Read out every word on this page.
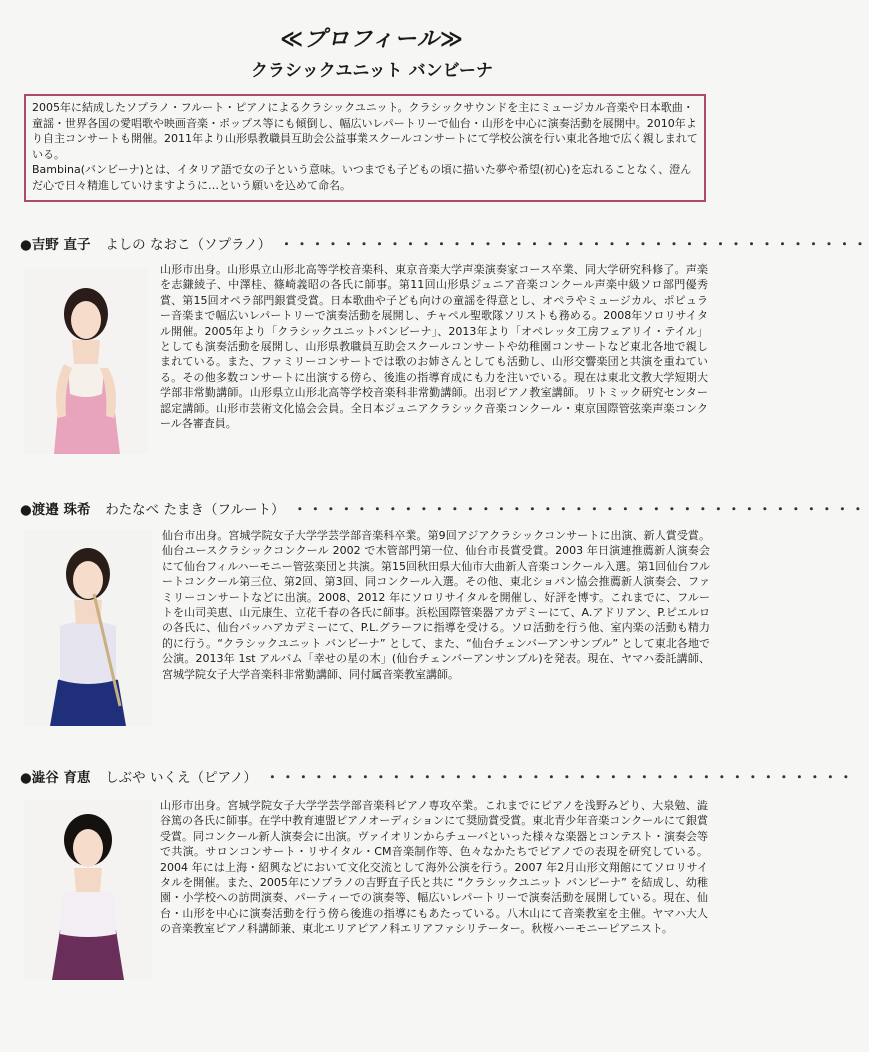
≪プロフィール≫
クラシックユニット バンビーナ

2005年に結成したソプラノ・フルート・ピアノによるクラシックユニット。クラシックサウンドを主にミュージカル音楽や日本歌曲・童謡・世界各国の愛唱歌や映画音楽・ポップス等にも傾倒し、幅広いレパートリーで仙台・山形を中心に演奏活動を展開中。2010年より自主コンサートも開催。2011年より山形県教職員互助会公益事業スクールコンサートにて学校公演を行い東北各地で広く親しまれている。

Bambina(バンビーナ)とは、イタリア語で女の子という意味。いつまでも子どもの頃に描いた夢や希望(初心)を忘れることなく、澄んだ心で日々精進していけますように…という願いを込めて命名。

●吉野 直子 よしの なおこ（ソプラノ） ・・・・・・・・・・・・・・・・・・・・・・・・・・・・・・・・・・・・・・
山形市出身。山形県立山形北高等学校音楽科、東京音楽大学声楽演奏家コース卒業、同大学研究科修了。声楽を志鎌綾子、中澤桂、篠崎義昭の各氏に師事。第11回山形県ジュニア音楽コンクール声楽中級ソロ部門優秀賞、第15回オペラ部門銀賞受賞。日本歌曲や子ども向けの童謡を得意とし、オペラやミュージカル、ポピュラー音楽まで幅広いレパートリーで演奏活動を展開し、チャペル聖歌隊ソリストも務める。2008年ソロリサイタル開催。2005年より「クラシックユニットバンビーナ」、2013年より「オペレッタ工房フェアリイ・テイル」としても演奏活動を展開し、山形県教職員互助会スクールコンサートや幼稚園コンサートなど東北各地で親しまれている。また、ファミリーコンサートでは歌のお姉さんとしても活動し、山形交響楽団と共演を重ねている。その他多数コンサートに出演する傍ら、後進の指導育成にも力を注いでいる。現在は東北文教大学短期大学部非常勤講師。山形県立山形北高等学校音楽科非常勤講師。出羽ピアノ教室講師。リトミック研究センター認定講師。山形市芸術文化協会会員。全日本ジュニアクラシック音楽コンクール・東京国際管弦楽声楽コンクール各審査員。
●渡邉 珠希 わたなべ たまき（フルート） ・・・・・・・・・・・・・・・・・・・・・・・・・・・・・・・・・・・・・
仙台市出身。宮城学院女子大学学芸学部音楽科卒業。第9回アジアクラシックコンサートに出演、新人賞受賞。仙台ユースクラシックコンクール 2002 で木管部門第一位、仙台市長賞受賞。2003 年日演連推薦新人演奏会にて仙台フィルハーモニー管弦楽団と共演。第15回秋田県大仙市大曲新人音楽コンクール入選。第1回仙台フルートコンクール第三位、第2回、第3回、同コンクール入選。その他、東北ショパン協会推薦新人演奏会、ファミリーコンサートなどに出演。2008、2012 年にソロリサイタルを開催し、好評を博す。これまでに、フルートを山司美恵、山元康生、立花千春の各氏に師事。浜松国際管楽器アカデミーにて、A.アドリアン、P.ピエルロの各氏に、仙台バッハアカデミーにて、P.L.グラーフに指導を受ける。ソロ活動を行う他、室内楽の活動も精力的に行う。“クラシックユニット バンビーナ” として、また、“仙台チェンバーアンサンブル” として東北各地で公演。2013年 1st アルバム「幸せの星の木」(仙台チェンバーアンサンブル)を発表。現在、ヤマハ委託講師、宮城学院女子大学音楽科非常勤講師、同付属音楽教室講師。
●澁谷 育恵 しぶや いくえ（ピアノ） ・・・・・・・・・・・・・・・・・・・・・・・・・・・・・・・・・・・・・・
山形市出身。宮城学院女子大学学芸学部音楽科ピアノ専攻卒業。これまでにピアノを浅野みどり、大泉勉、澁谷篤の各氏に師事。在学中教育連盟ピアノオーディションにて奨励賞受賞。東北青少年音楽コンクールにて銀賞受賞。同コンクール新人演奏会に出演。ヴァイオリンからチューバといった様々な楽器とコンテスト・演奏会等で共演。サロンコンサート・リサイタル・CM音楽制作等、色々なかたちでピアノでの表現を研究している。2004 年には上海・紹興などにおいて文化交流として海外公演を行う。2007 年2月山形文翔館にてソロリサイタルを開催。また、2005年にソプラノの吉野直子氏と共に “クラシックユニット バンビーナ” を結成し、幼稚園・小学校への訪問演奏、パーティーでの演奏等、幅広いレパートリーで演奏活動を展開している。現在、仙台・山形を中心に演奏活動を行う傍ら後進の指導にもあたっている。八木山にて音楽教室を主催。ヤマハ大人の音楽教室ピアノ科講師兼、東北エリアピアノ科エリアファシリテーター。秋桜ハーモニーピアニスト。
